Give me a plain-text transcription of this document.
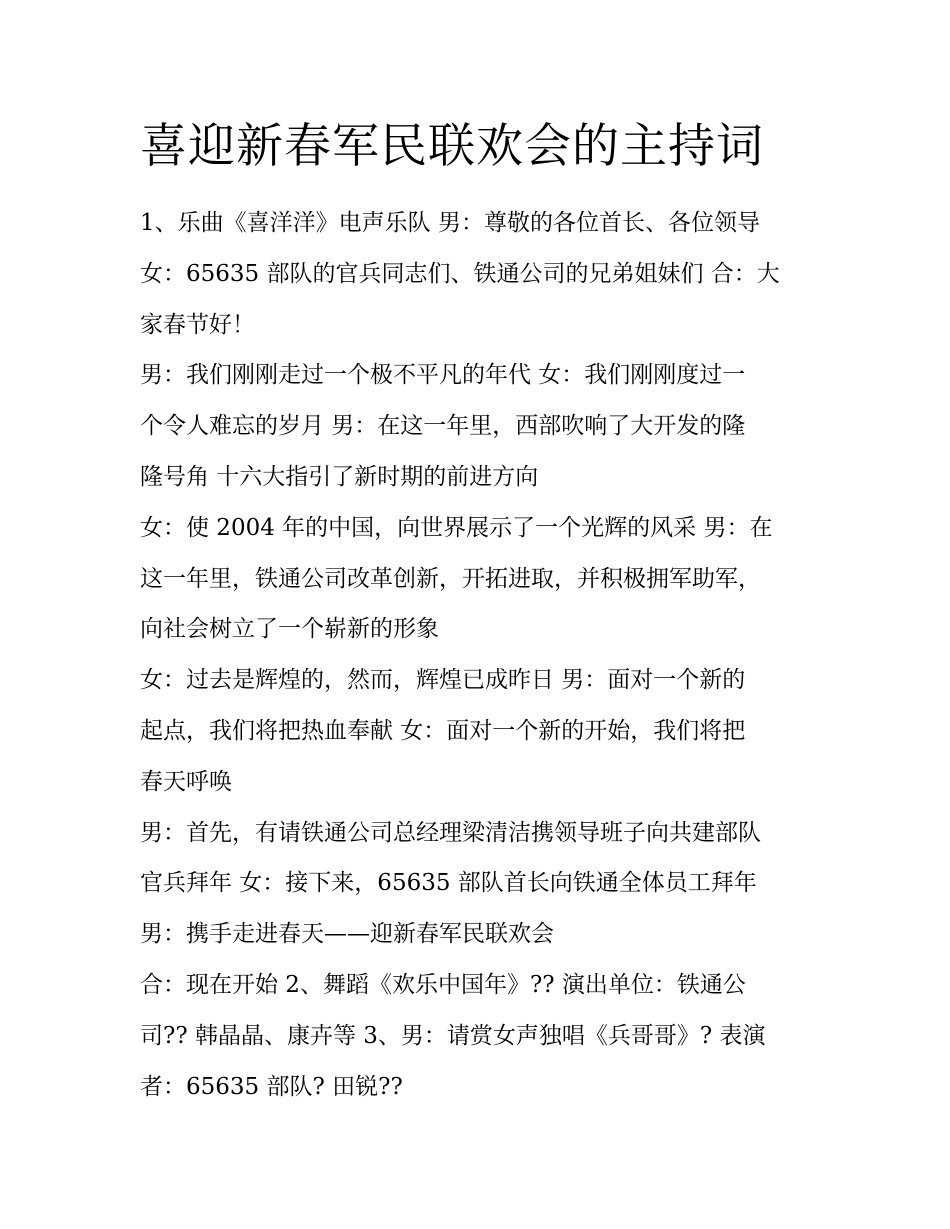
喜迎新春军民联欢会的主持词

1、乐曲《喜洋洋》电声乐队 男：尊敬的各位首长、各位领导

女：65635 部队的官兵同志们、铁通公司的兄弟姐妹们 合：大

家春节好！

男：我们刚刚走过一个极不平凡的年代 女：我们刚刚度过一

个令人难忘的岁月 男：在这一年里，西部吹响了大开发的隆

隆号角 十六大指引了新时期的前进方向

女：使 2004 年的中国，向世界展示了一个光辉的风采 男：在

这一年里，铁通公司改革创新，开拓进取，并积极拥军助军，

向社会树立了一个崭新的形象

女：过去是辉煌的，然而，辉煌已成昨日 男：面对一个新的

起点，我们将把热血奉献 女：面对一个新的开始，我们将把

春天呼唤

男：首先，有请铁通公司总经理梁清洁携领导班子向共建部队

官兵拜年 女：接下来，65635 部队首长向铁通全体员工拜年

男：携手走进春天——迎新春军民联欢会

合：现在开始 2、舞蹈《欢乐中国年》?? 演出单位：铁通公

司?? 韩晶晶、康卉等 3、男：请赏女声独唱《兵哥哥》? 表演

者：65635 部队? 田锐??
